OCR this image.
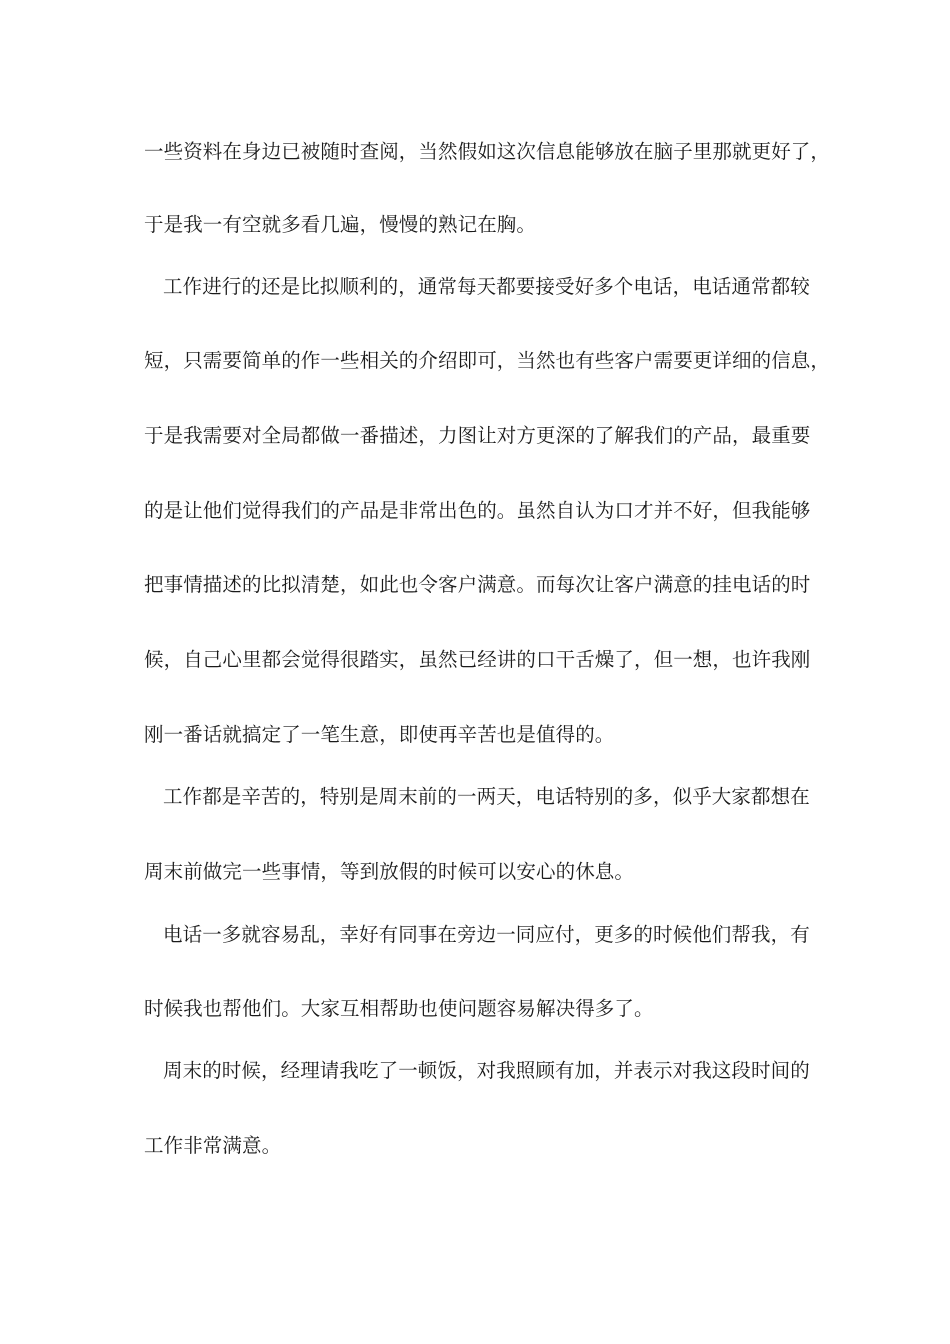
一些资料在身边已被随时查阅，当然假如这次信息能够放在脑子里那就更好了，
于是我一有空就多看几遍，慢慢的熟记在胸。
工作进行的还是比拟顺利的，通常每天都要接受好多个电话，电话通常都较
短，只需要简单的作一些相关的介绍即可，当然也有些客户需要更详细的信息，
于是我需要对全局都做一番描述，力图让对方更深的了解我们的产品，最重要
的是让他们觉得我们的产品是非常出色的。虽然自认为口才并不好，但我能够
把事情描述的比拟清楚，如此也令客户满意。而每次让客户满意的挂电话的时
候，自己心里都会觉得很踏实，虽然已经讲的口干舌燥了，但一想，也许我刚
刚一番话就搞定了一笔生意，即使再辛苦也是值得的。
工作都是辛苦的，特别是周末前的一两天，电话特别的多，似乎大家都想在
周末前做完一些事情，等到放假的时候可以安心的休息。
电话一多就容易乱，幸好有同事在旁边一同应付，更多的时候他们帮我，有
时候我也帮他们。大家互相帮助也使问题容易解决得多了。
周末的时候，经理请我吃了一顿饭，对我照顾有加，并表示对我这段时间的
工作非常满意。
